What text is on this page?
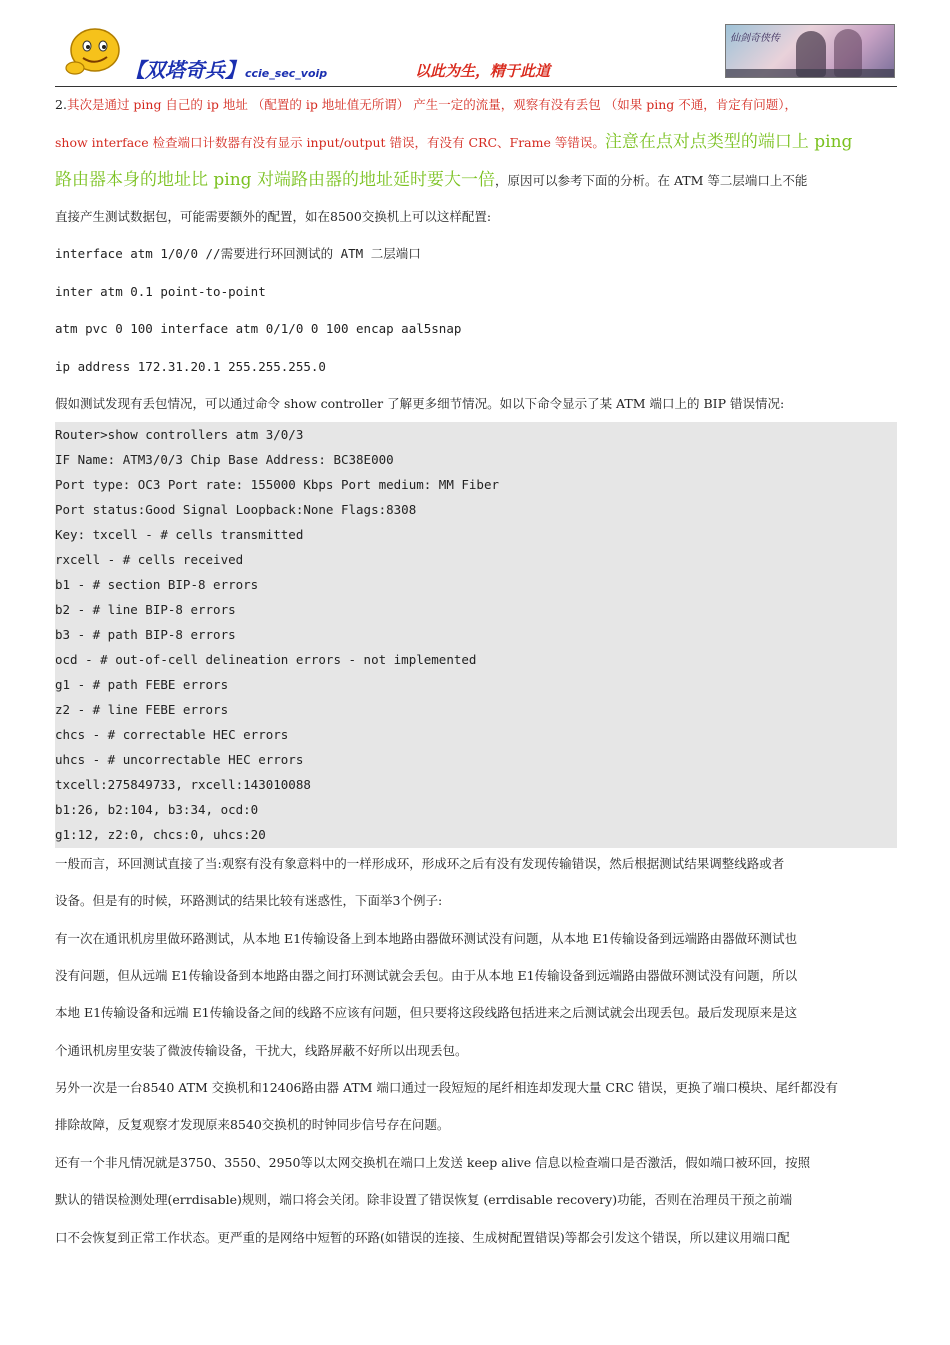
【双塔奇兵】ccie_sec_voip	以此为生，精于此道
仙剑奇侠传
2.其次是通过 ping 自己的 ip 地址 （配置的 ip 地址值无所谓） 产生一定的流量，观察有没有丢包 （如果 ping 不通，肯定有问题），
show interface 检查端口计数器有没有显示 input/output 错误，有没有 CRC、Frame 等错误。注意在点对点类型的端口上 ping
路由器本身的地址比 ping 对端路由器的地址延时要大一倍，原因可以参考下面的分析。在 ATM 等二层端口上不能
直接产生测试数据包，可能需要额外的配置，如在8500交换机上可以这样配置:
interface atm 1/0/0 //需要进行环回测试的 ATM 二层端口
inter atm 0.1 point-to-point
atm pvc 0 100 interface atm 0/1/0 0 100 encap aal5snap
ip address 172.31.20.1 255.255.255.0
假如测试发现有丢包情况，可以通过命令 show controller 了解更多细节情况。如以下命令显示了某 ATM 端口上的 BIP 错误情况:
Router>show controllers atm 3/0/3
IF Name: ATM3/0/3 Chip Base Address: BC38E000
Port type: OC3 Port rate: 155000 Kbps Port medium: MM Fiber
Port status:Good Signal Loopback:None Flags:8308
Key: txcell - # cells transmitted
rxcell - # cells received
b1 - # section BIP-8 errors
b2 - # line BIP-8 errors
b3 - # path BIP-8 errors
ocd - # out-of-cell delineation errors - not implemented
g1 - # path FEBE errors
z2 - # line FEBE errors
chcs - # correctable HEC errors
uhcs - # uncorrectable HEC errors
txcell:275849733, rxcell:143010088
b1:26, b2:104, b3:34, ocd:0
g1:12, z2:0, chcs:0, uhcs:20
一般而言，环回测试直接了当:观察有没有象意料中的一样形成环，形成环之后有没有发现传输错误，然后根据测试结果调整线路或者
设备。但是有的时候，环路测试的结果比较有迷惑性，下面举3个例子:
有一次在通讯机房里做环路测试，从本地 E1传输设备上到本地路由器做环测试没有问题，从本地 E1传输设备到远端路由器做环测试也
没有问题，但从远端 E1传输设备到本地路由器之间打环测试就会丢包。由于从本地 E1传输设备到远端路由器做环测试没有问题，所以
本地 E1传输设备和远端 E1传输设备之间的线路不应该有问题，但只要将这段线路包括进来之后测试就会出现丢包。最后发现原来是这
个通讯机房里安装了微波传输设备，干扰大，线路屏蔽不好所以出现丢包。
另外一次是一台8540 ATM 交换机和12406路由器 ATM 端口通过一段短短的尾纤相连却发现大量 CRC 错误，更换了端口模块、尾纤都没有
排除故障，反复观察才发现原来8540交换机的时钟同步信号存在问题。
还有一个非凡情况就是3750、3550、2950等以太网交换机在端口上发送 keep alive 信息以检查端口是否激活，假如端口被环回，按照
默认的错误检测处理(errdisable)规则，端口将会关闭。除非设置了错误恢复 (errdisable recovery)功能，否则在治理员干预之前端
口不会恢复到正常工作状态。更严重的是网络中短暂的环路(如错误的连接、生成树配置错误)等都会引发这个错误，所以建议用端口配
